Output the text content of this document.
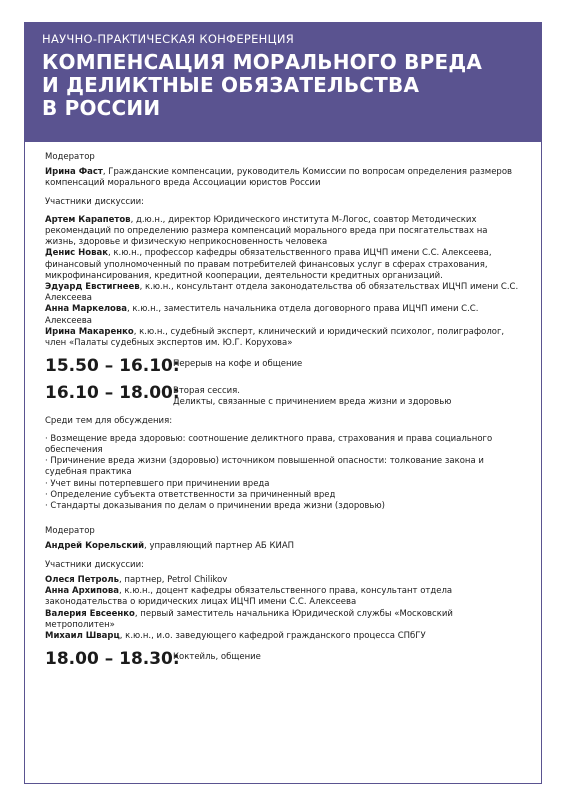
НАУЧНО-ПРАКТИЧЕСКАЯ КОНФЕРЕНЦИЯ
КОМПЕНСАЦИЯ МОРАЛЬНОГО ВРЕДА
И ДЕЛИКТНЫЕ ОБЯЗАТЕЛЬСТВА
В РОССИИ
Модератор

Ирина Фаст, Гражданские компенсации, руководитель Комиссии по вопросам определения размеров компенсаций морального вреда Ассоциации юристов России

Участники дискуссии:

Артем Карапетов, д.ю.н., директор Юридического института М-Логос, соавтор Методических рекомендаций по определению размера компенсаций морального вреда при посягательствах на жизнь, здоровье и физическую неприкосновенность человека

Денис Новак, к.ю.н., профессор кафедры обязательственного права ИЦЧП имени С.С. Алексеева, финансовый уполномоченный по правам потребителей финансовых услуг в сферах страхования, микрофинансирования, кредитной кооперации, деятельности кредитных организаций.

Эдуард Евстигнеев, к.ю.н., консультант отдела законодательства об обязательствах ИЦЧП имени С.С. Алексеева

Анна Маркелова, к.ю.н., заместитель начальника отдела договорного права ИЦЧП имени С.С. Алексеева

Ирина Макаренко, к.ю.н., судебный эксперт, клинический и юридический психолог, полиграфолог, член «Палаты судебных экспертов им. Ю.Г. Корухова»

15.50 – 16.10:
Перерыв на кофе и общение
16.10 – 18.00:
Вторая сессия.
Деликты, связанные с причинением вреда жизни и здоровью
Среди тем для обсуждения:

· Возмещение вреда здоровью: соотношение деликтного права, страхования и права социального обеспечения

· Причинение вреда жизни (здоровью) источником повышенной опасности: толкование закона и судебная практика

· Учет вины потерпевшего при причинении вреда

· Определение субъекта ответственности за причиненный вред

· Стандарты доказывания по делам о причинении вреда жизни (здоровью)

Модератор

Андрей Корельский, управляющий партнер АБ КИАП

Участники дискуссии:

Олеся Петроль, партнер, Petrol Chilikov

Анна Архипова, к.ю.н., доцент кафедры обязательственного права, консультант отдела законодательства о юридических лицах ИЦЧП имени С.С. Алексеева

Валерия Евсеенко, первый заместитель начальника Юридической службы «Московский метрополитен»

Михаил Шварц, к.ю.н., и.о. заведующего кафедрой гражданского процесса СПбГУ

18.00 – 18.30:
Коктейль, общение
